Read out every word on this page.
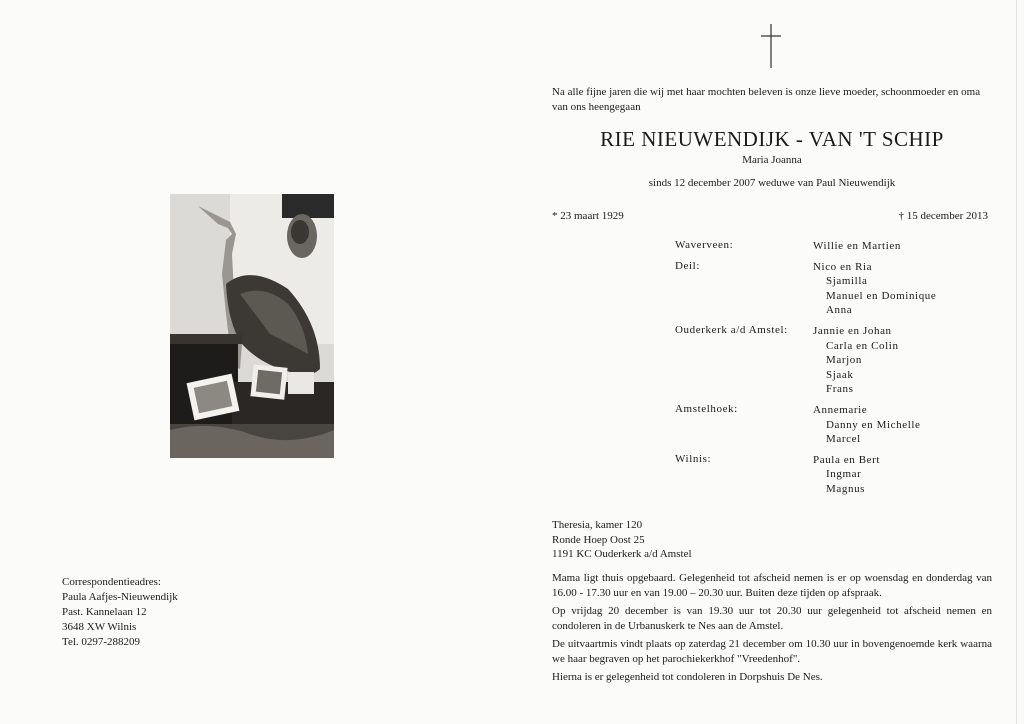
Correspondentieadres:
Paula Aafjes-Nieuwendijk
Past. Kannelaan 12
3648 XW Wilnis
Tel. 0297-288209
Na alle fijne jaren die wij met haar mochten beleven is onze lieve moeder, schoonmoeder en oma van ons heengegaan
RIE NIEUWENDIJK - VAN 'T SCHIP
Maria Joanna
sinds 12 december 2007 weduwe van Paul Nieuwendijk
* 23 maart 1929	† 15 december 2013
Waverveen:	Willie en Martien
Deil:	Nico en Ria
Sjamilla
Manuel en Dominique
Anna
Ouderkerk a/d Amstel: Jannie en Johan
Carla en Colin
Marjon
Sjaak
Frans
Amstelhoek:	Annemarie
Danny en Michelle
Marcel
Wilnis:	Paula en Bert
Ingmar
Magnus
Theresia, kamer 120
Ronde Hoep Oost 25
1191 KC Ouderkerk a/d Amstel

Mama ligt thuis opgebaard. Gelegenheid tot afscheid nemen is er op woensdag en donderdag van 16.00 - 17.30 uur en van 19.00 – 20.30 uur. Buiten deze tijden op afspraak.

Op vrijdag 20 december is van 19.30 uur tot 20.30 uur gelegenheid tot afscheid nemen en condoleren in de Urbanuskerk te Nes aan de Amstel.

De uitvaartmis vindt plaats op zaterdag 21 december om 10.30 uur in bovengenoemde kerk waarna we haar begraven op het parochiekerkhof "Vreedenhof".

Hierna is er gelegenheid tot condoleren in Dorpshuis De Nes.
